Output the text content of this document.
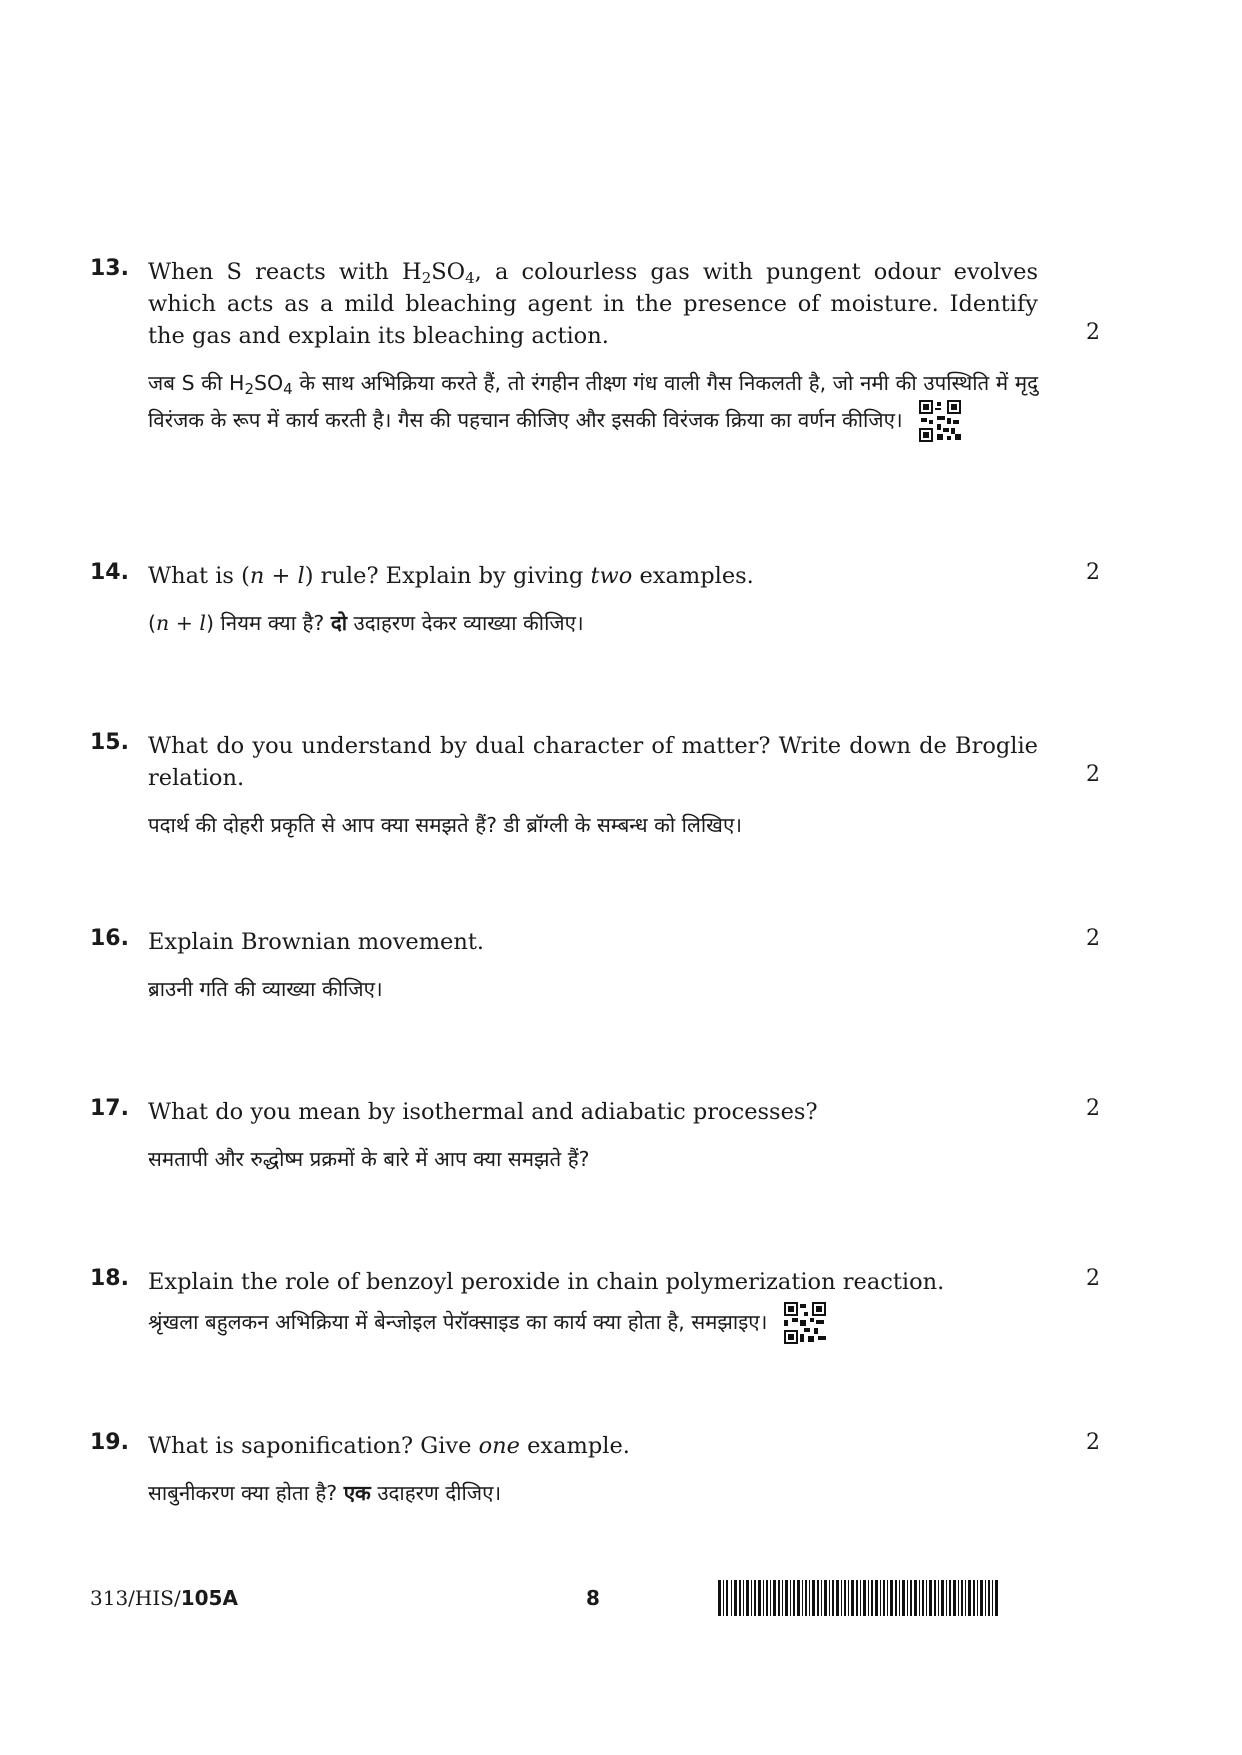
13. When S reacts with $H_2SO_4$, a colourless gas with pungent odour evolves which acts as a mild bleaching agent in the presence of moisture. Identify the gas and explain its bleaching action.	2
जब S की $H_2SO_4$ के साथ अभिक्रिया करते हैं, तो रंगहीन तीक्ष्ण गंध वाली गैस निकलती है, जो नमी की उपस्थिति में मृदु विरंजक के रूप में कार्य करती है। गैस की पहचान कीजिए और इसकी विरंजक क्रिया का वर्णन कीजिए।
14. What is (n + l) rule? Explain by giving two examples.	2
(n + l) नियम क्या है? दो उदाहरण देकर व्याख्या कीजिए।
15. What do you understand by dual character of matter? Write down de Broglie relation.	2
पदार्थ की दोहरी प्रकृति से आप क्या समझते हैं? डी ब्रॉग्ली के सम्बन्ध को लिखिए।
16. Explain Brownian movement.	2
ब्राउनी गति की व्याख्या कीजिए।
17. What do you mean by isothermal and adiabatic processes?	2
समतापी और रुद्धोष्म प्रक्रमों के बारे में आप क्या समझते हैं?
18. Explain the role of benzoyl peroxide in chain polymerization reaction.	2
श्रृंखला बहुलकन अभिक्रिया में बेन्जोइल पेरॉक्साइड का कार्य क्या होता है, समझाइए।
19. What is saponification? Give one example.	2
साबुनीकरण क्या होता है? एक उदाहरण दीजिए।
313/HIS/105A	8
